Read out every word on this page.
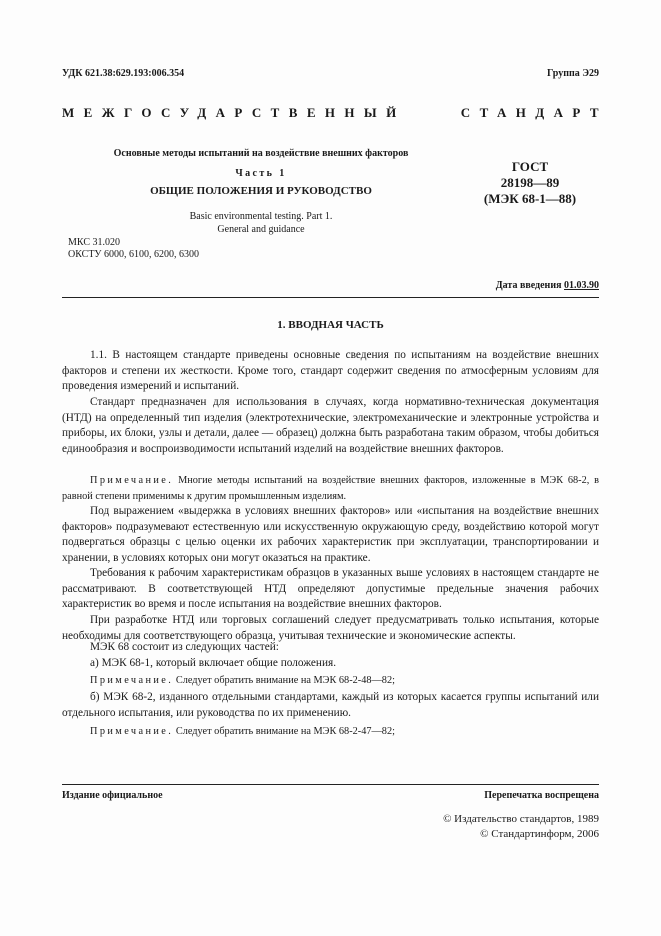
УДК 621.38:629.193:006.354	Группа Э29
МЕЖГОСУДАРСТВЕННЫЙ	СТАНДАРТ
Основные методы испытаний на воздействие внешних факторов
Часть 1
ОБЩИЕ ПОЛОЖЕНИЯ И РУКОВОДСТВО
Basic environmental testing. Part 1.
General and guidance
ГОСТ
28198—89
(МЭК 68-1—88)
МКС 31.020
ОКСТУ 6000, 6100, 6200, 6300
Дата введения 01.03.90
1. ВВОДНАЯ ЧАСТЬ
1.1. В настоящем стандарте приведены основные сведения по испытаниям на воздействие внешних факторов и степени их жесткости. Кроме того, стандарт содержит сведения по атмосферным условиям для проведения измерений и испытаний.
Стандарт предназначен для использования в случаях, когда нормативно-техническая документация (НТД) на определенный тип изделия (электротехнические, электромеханические и электронные устройства и приборы, их блоки, узлы и детали, далее — образец) должна быть разработана таким образом, чтобы добиться единообразия и воспроизводимости испытаний изделий на воздействие внешних факторов.
Примечание. Многие методы испытаний на воздействие внешних факторов, изложенные в МЭК 68-2, в равной степени применимы к другим промышленным изделиям.
Под выражением «выдержка в условиях внешних факторов» или «испытания на воздействие внешних факторов» подразумевают естественную или искусственную окружающую среду, воздействию которой могут подвергаться образцы с целью оценки их рабочих характеристик при эксплуатации, транспортировании и хранении, в условиях которых они могут оказаться на практике.
Требования к рабочим характеристикам образцов в указанных выше условиях в настоящем стандарте не рассматривают. В соответствующей НТД определяют допустимые предельные значения рабочих характеристик во время и после испытания на воздействие внешних факторов.
При разработке НТД или торговых соглашений следует предусматривать только испытания, которые необходимы для соответствующего образца, учитывая технические и экономические аспекты.
МЭК 68 состоит из следующих частей:
а) МЭК 68-1, который включает общие положения.
Примечание. Следует обратить внимание на МЭК 68-2-48—82;
б) МЭК 68-2, изданного отдельными стандартами, каждый из которых касается группы испытаний или отдельного испытания, или руководства по их применению.
Примечание. Следует обратить внимание на МЭК 68-2-47—82;
Издание официальное	Перепечатка воспрещена
© Издательство стандартов, 1989
© Стандартинформ, 2006
